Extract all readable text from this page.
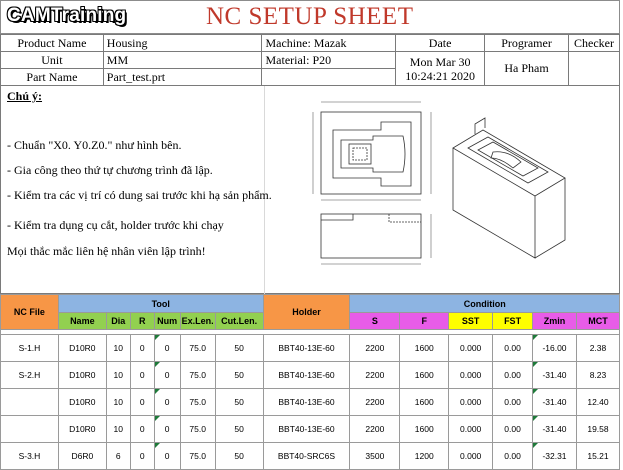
CAMTraining	NC SETUP SHEET
Product Name	Housing	Machine: Mazak	Date	Programer	Checker
Unit	MM	Material: P20	Mon Mar 30
10:24:21 2020	Ha Pham	
Part Name	Part_test.prt				
Chú ý:
- Chuẩn "X0. Y0.Z0." như hình bên.
- Gia công theo thứ tự chương trình đã lập.
- Kiểm tra các vị trí có dung sai trước khi hạ sản phẩm.
- Kiểm tra dụng cụ cắt, holder trước khi chạy
Mọi thắc mắc liên hệ nhân viên lập trình!
NC File	Tool						Holder	Condition					
	Name	Dia	R	Num	Ex.Len.	Cut.Len.		S	F	SST	FST	Zmin	MCT

S-1.H	D10R0	10	0	0	75.0	50	BBT40-13E-60	2200	1600	0.000	0.00	-16.00	2.38
S-2.H	D10R0	10	0	0	75.0	50	BBT40-13E-60	2200	1600	0.000	0.00	-31.40	8.23
	D10R0	10	0	0	75.0	50	BBT40-13E-60	2200	1600	0.000	0.00	-31.40	12.40
	D10R0	10	0	0	75.0	50	BBT40-13E-60	2200	1600	0.000	0.00	-31.40	19.58
S-3.H	D6R0	6	0	0	75.0	50	BBT40-SRC6S	3500	1200	0.000	0.00	-32.31	15.21
